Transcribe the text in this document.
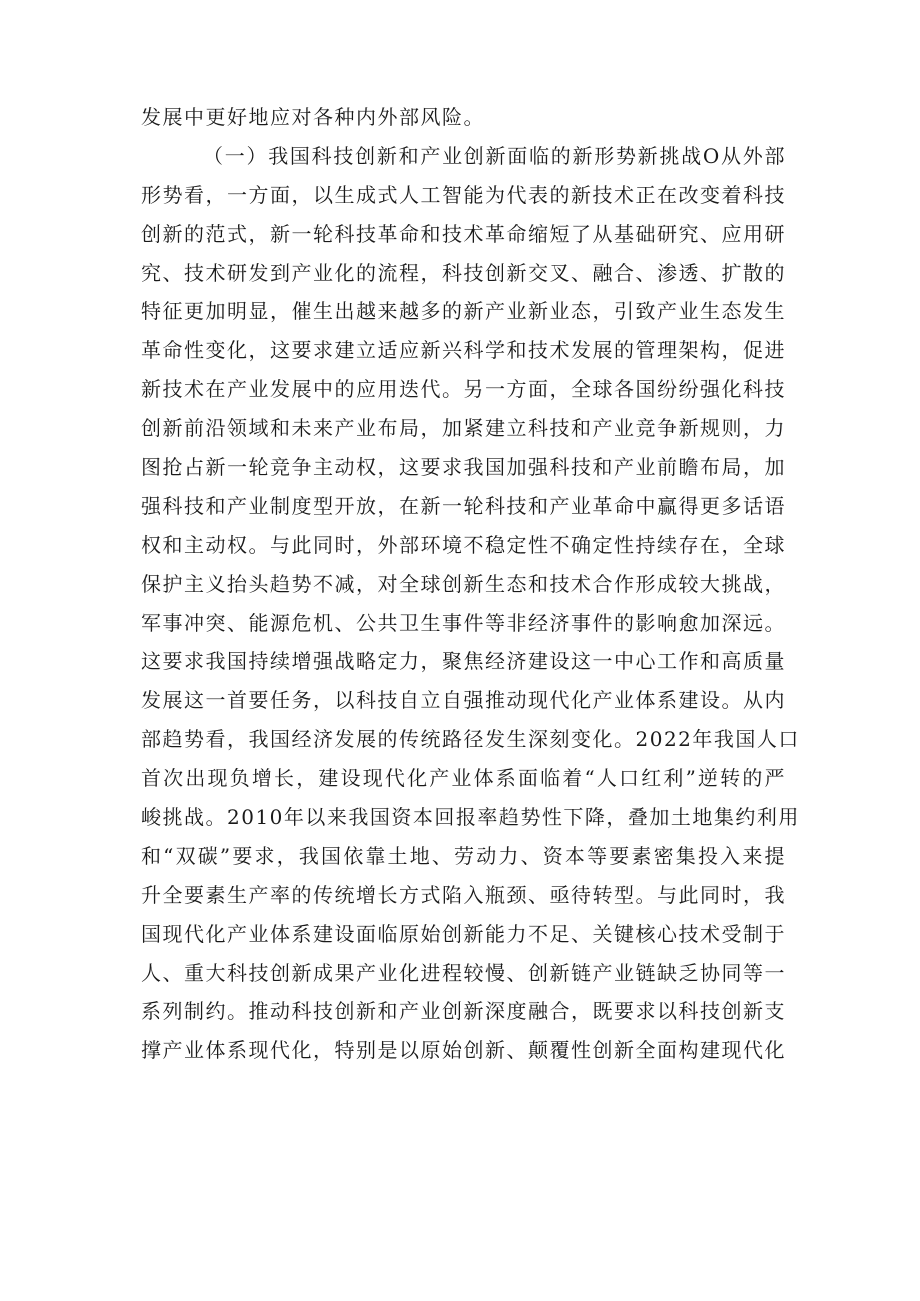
发展中更好地应对各种内外部风险。
（一）我国科技创新和产业创新面临的新形势新挑战O从外部
形势看，一方面，以生成式人工智能为代表的新技术正在改变着科技
创新的范式，新一轮科技革命和技术革命缩短了从基础研究、应用研
究、技术研发到产业化的流程，科技创新交叉、融合、渗透、扩散的
特征更加明显，催生出越来越多的新产业新业态，引致产业生态发生
革命性变化，这要求建立适应新兴科学和技术发展的管理架构，促进
新技术在产业发展中的应用迭代。另一方面，全球各国纷纷强化科技
创新前沿领域和未来产业布局，加紧建立科技和产业竞争新规则，力
图抢占新一轮竞争主动权，这要求我国加强科技和产业前瞻布局，加
强科技和产业制度型开放，在新一轮科技和产业革命中赢得更多话语
权和主动权。与此同时，外部环境不稳定性不确定性持续存在，全球
保护主义抬头趋势不减，对全球创新生态和技术合作形成较大挑战，
军事冲突、能源危机、公共卫生事件等非经济事件的影响愈加深远。
这要求我国持续增强战略定力，聚焦经济建设这一中心工作和高质量
发展这一首要任务，以科技自立自强推动现代化产业体系建设。从内
部趋势看，我国经济发展的传统路径发生深刻变化。2022年我国人口
首次出现负增长，建设现代化产业体系面临着“人口红利”逆转的严
峻挑战。2010年以来我国资本回报率趋势性下降，叠加土地集约利用
和“双碳”要求，我国依靠土地、劳动力、资本等要素密集投入来提
升全要素生产率的传统增长方式陷入瓶颈、亟待转型。与此同时，我
国现代化产业体系建设面临原始创新能力不足、关键核心技术受制于
人、重大科技创新成果产业化进程较慢、创新链产业链缺乏协同等一
系列制约。推动科技创新和产业创新深度融合，既要求以科技创新支
撑产业体系现代化，特别是以原始创新、颠覆性创新全面构建现代化
